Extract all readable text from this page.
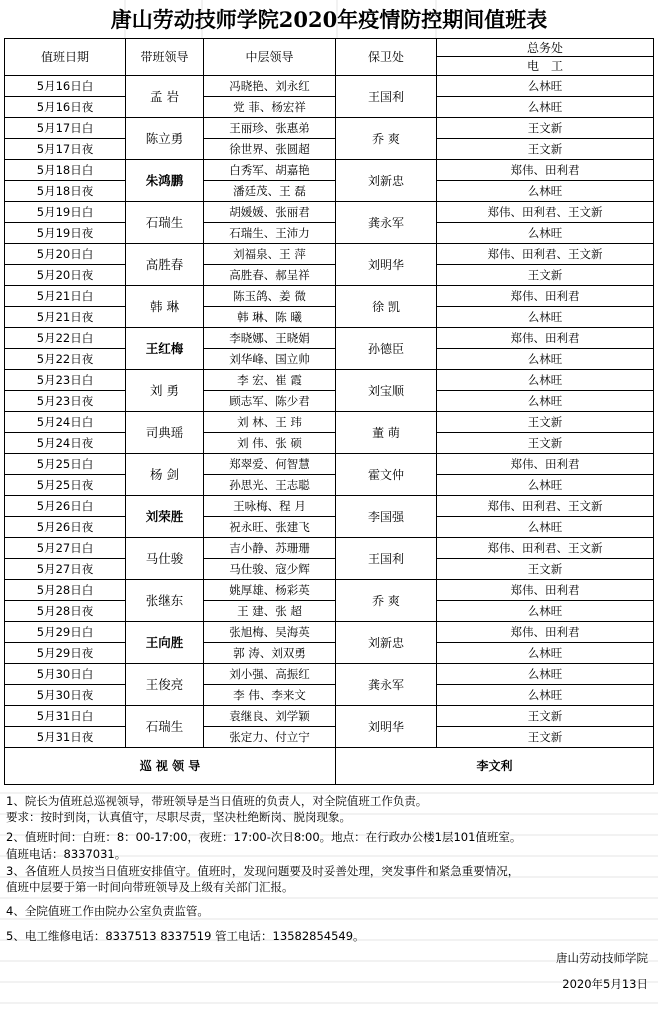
唐山劳动技师学院2020年疫情防控期间值班表
值班日期	带班领导	中层领导	保卫处	总务处
				电　工
5月16日白	孟 岩	冯晓艳、刘永红	王国利	么林旺
5月16日夜		党 菲、杨宏祥		么林旺
5月17日白	陈立勇	王丽珍、张惠弟	乔 爽	王文新
5月17日夜		徐世界、张圆超		王文新
5月18日白	朱鸿鹏	白秀军、胡嘉艳	刘新忠	郑伟、田利君
5月18日夜		潘廷茂、王 磊		么林旺
5月19日白	石瑞生	胡媛媛、张丽君	龚永军	郑伟、田利君、王文新
5月19日夜		石瑞生、王沛力		么林旺
5月20日白	高胜春	刘福泉、王 萍	刘明华	郑伟、田利君、王文新
5月20日夜		高胜春、郝呈祥		王文新
5月21日白	韩 琳	陈玉鸽、姜 微	徐 凯	郑伟、田利君
5月21日夜		韩 琳、陈 曦		么林旺
5月22日白	王红梅	李晓娜、王晓娟	孙德臣	郑伟、田利君
5月22日夜		刘华峰、国立帅		么林旺
5月23日白	刘 勇	李 宏、崔 霞	刘宝顺	么林旺
5月23日夜		顾志军、陈少君		么林旺
5月24日白	司典瑶	刘 林、王 玮	董 萌	王文新
5月24日夜		刘 伟、张 硕		王文新
5月25日白	杨 剑	郑翠爱、何智慧	霍文仲	郑伟、田利君
5月25日夜		孙思光、王志聪		么林旺
5月26日白	刘荣胜	王咏梅、程 月	李国强	郑伟、田利君、王文新
5月26日夜		祝永旺、张建飞		么林旺
5月27日白	马仕骏	吉小静、苏珊珊	王国利	郑伟、田利君、王文新
5月27日夜		马仕骏、寇少辉		王文新
5月28日白	张继东	姚厚雄、杨彩英	乔 爽	郑伟、田利君
5月28日夜		王 建、张 超		么林旺
5月29日白	王向胜	张旭梅、吴海英	刘新忠	郑伟、田利君
5月29日夜		郭 涛、刘双勇		么林旺
5月30日白	王俊亮	刘小强、高振红	龚永军	么林旺
5月30日夜		李 伟、李来文		么林旺
5月31日白	石瑞生	袁继良、刘学颖	刘明华	王文新
5月31日夜		张定力、付立宁		王文新
巡 视 领 导			李文利	
1、院长为值班总巡视领导，带班领导是当日值班的负责人，对全院值班工作负责。
要求：按时到岗，认真值守，尽职尽责，坚决杜绝断岗、脱岗现象。
2、值班时间：白班：8：00-17:00，夜班：17:00-次日8:00。地点：在行政办公楼1层101值班室。
值班电话：8337031。
3、各值班人员按当日值班安排值守。值班时，发现问题要及时妥善处理，突发事件和紧急重要情况，
值班中层要于第一时间向带班领导及上级有关部门汇报。
4、全院值班工作由院办公室负责监管。
5、电工维修电话：8337513 8337519 管工电话：13582854549。
唐山劳动技师学院
2020年5月13日
